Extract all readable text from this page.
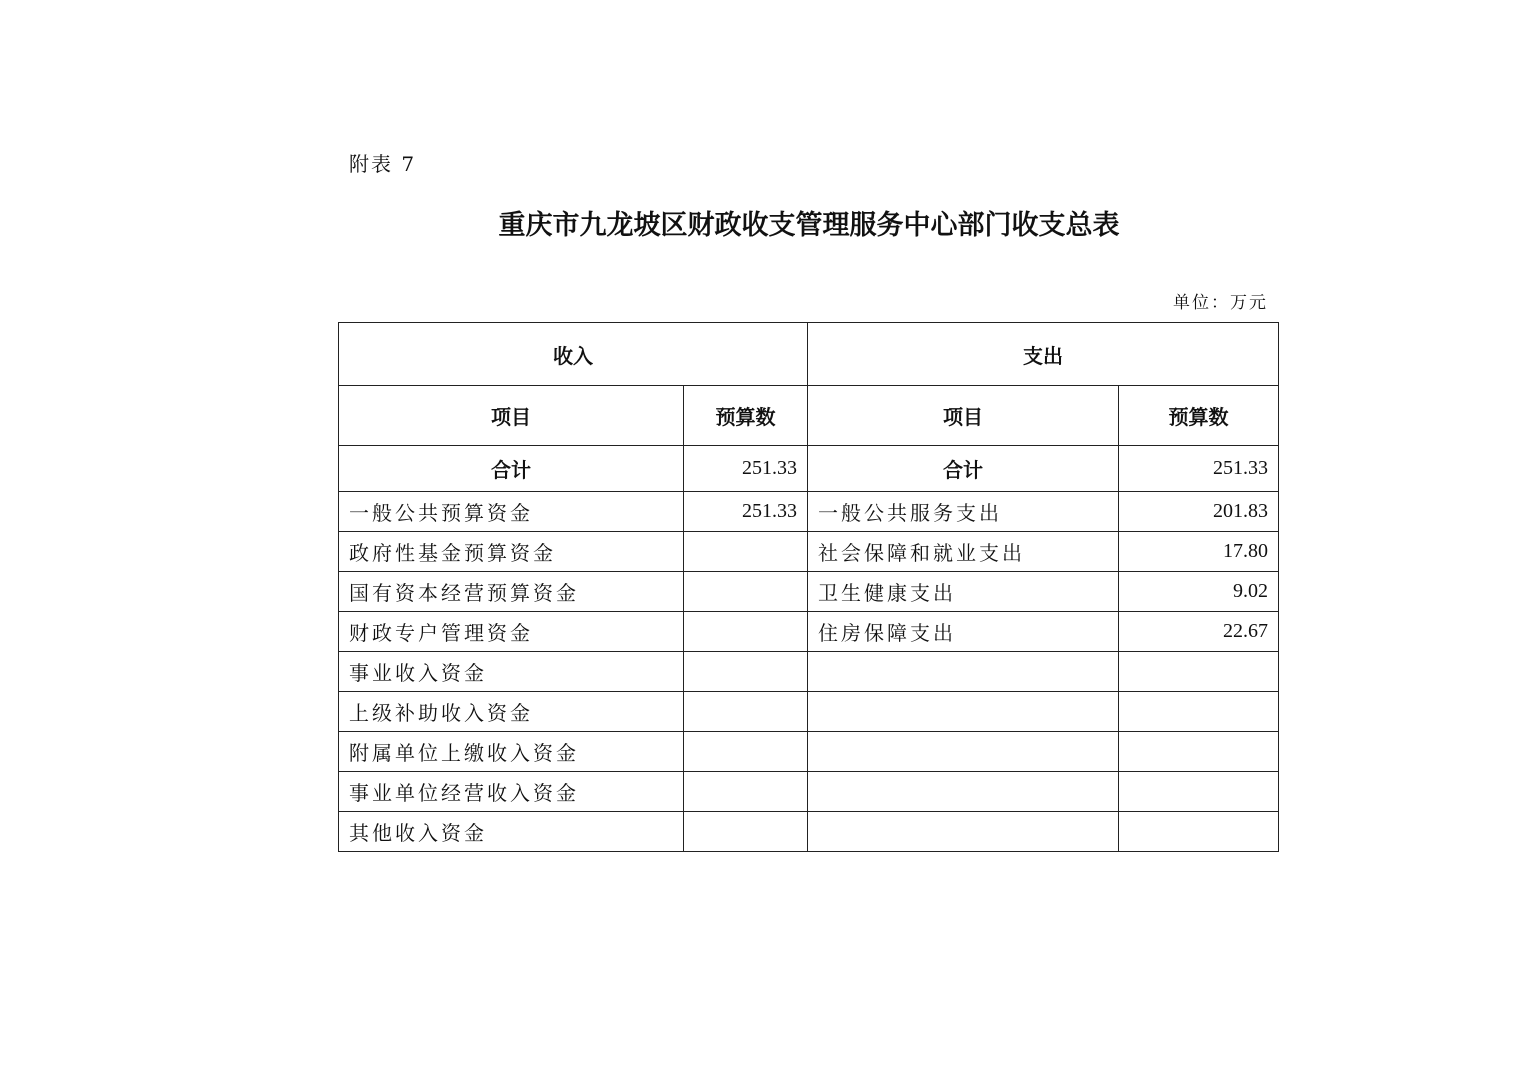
附表 7
重庆市九龙坡区财政收支管理服务中心部门收支总表
单位：万元
收入		支出	
项目	预算数	项目	预算数
合计	251.33	合计	251.33
一般公共预算资金	251.33	一般公共服务支出	201.83
政府性基金预算资金		社会保障和就业支出	17.80
国有资本经营预算资金		卫生健康支出	9.02
财政专户管理资金		住房保障支出	22.67
事业收入资金			
上级补助收入资金			
附属单位上缴收入资金			
事业单位经营收入资金			
其他收入资金			
